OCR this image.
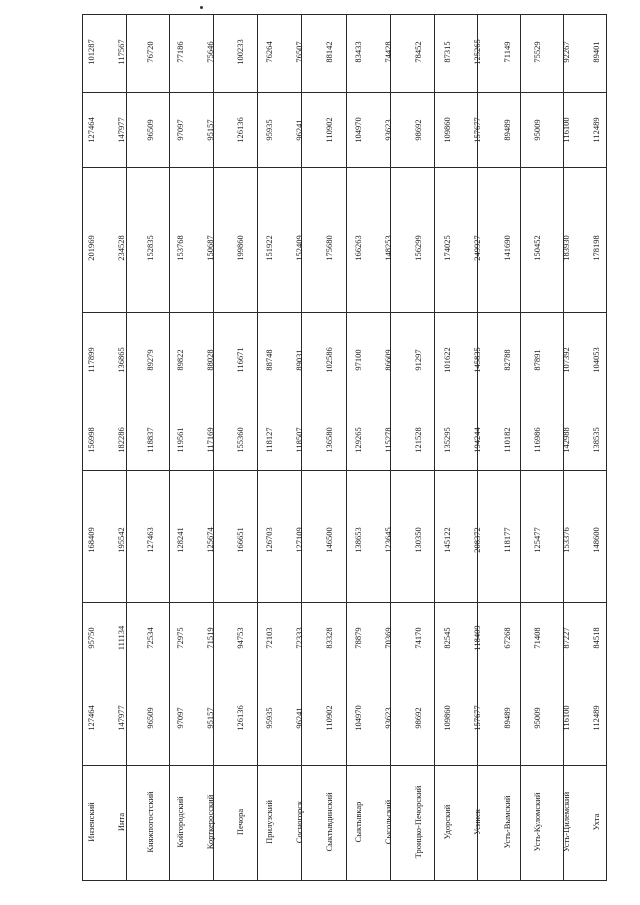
Инзенский
127464
95750
168409
156998
117899
201969
127464
101287
Инта
147977
111134
195542
182286
136865
234528
147977
117567
Княжпогостский
96509
72534
127463
118837
89279
152835
96509
76720
Койгородский
97097
72975
128241
119561
89822
153768
97097
77186
Корткеросский
95157
71519
125674
117169
88028
150687
95157
75646
Печора
126136
94753
166651
155360
116671
199860
126136
100233
Прилузский
95935
72103
126703
118127
88748
151922
95935
76264
Сосногорск
96241
72333
127109
118507
89031
152409
96241
76507
Сыктывдинский
110902
83328
146500
136580
102586
175680
110902
88142
Сыктывкар
104970
78879
138653
129265
97100
166263
104970
83433
Сысольский
93623
70369
123645
115278
86609
148253
93623
74428
Троицко-Печорский
98692
74170
130350
121528
91297
156299
98692
78452
Удорский
109860
82545
145122
135295
101622
174025
109860
87315
Усинск
157677
118409
208372
194244
145835
249927
157677
125265
Усть-Вымский
89489
67268
118177
110182
82788
141690
89489
71149
Усть-Куломский
95009
71408
125477
116986
87891
150452
95009
75529
Усть-Цилемский
116100
87227
153376
142988
107392
183930
116100
92267
Ухта
112489
84518
148600
138535
104053
178198
112489
89401
